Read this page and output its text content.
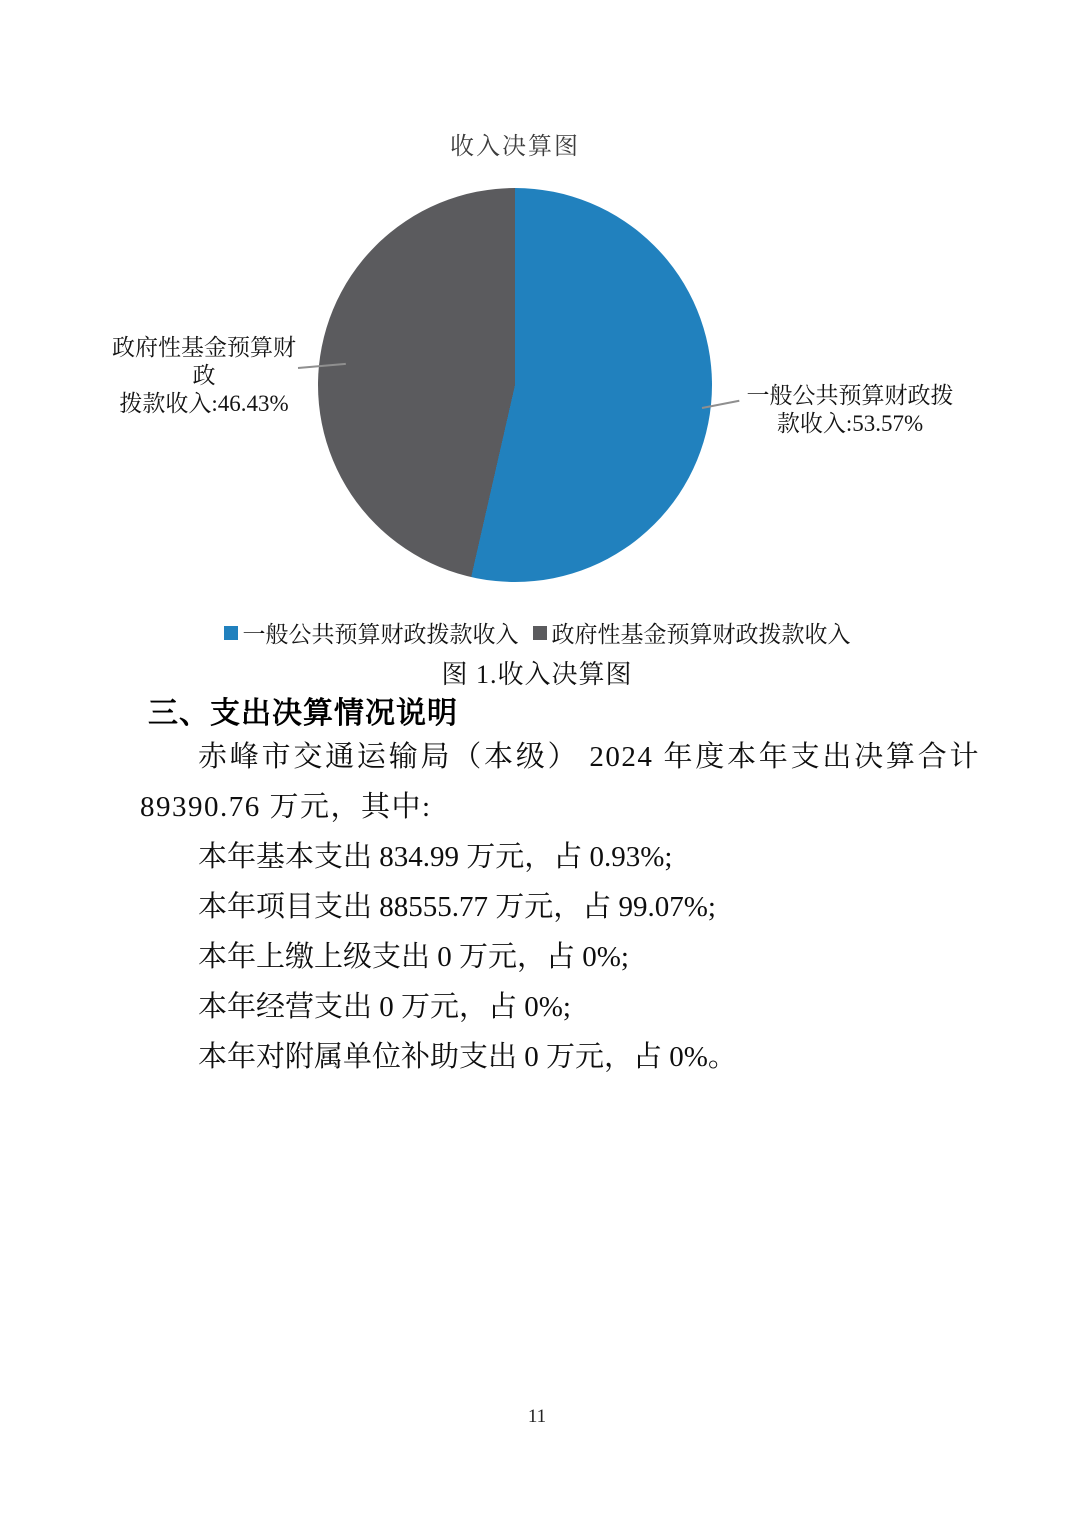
收入决算图
政府性基金预算财政
拨款收入:46.43%	一般公共预算财政拨
款收入:53.57%
一般公共预算财政拨款收入 政府性基金预算财政拨款收入
图 1.收入决算图
三、支出决算情况说明

赤峰市交通运输局（本级） 2024 年度本年支出决算合计 89390.76 万元，其中:

本年基本支出 834.99 万元，占 0.93%;

本年项目支出 88555.77 万元，占 99.07%;

本年上缴上级支出 0 万元，占 0%;

本年经营支出 0 万元，占 0%;

本年对附属单位补助支出 0 万元，占 0%。

11
